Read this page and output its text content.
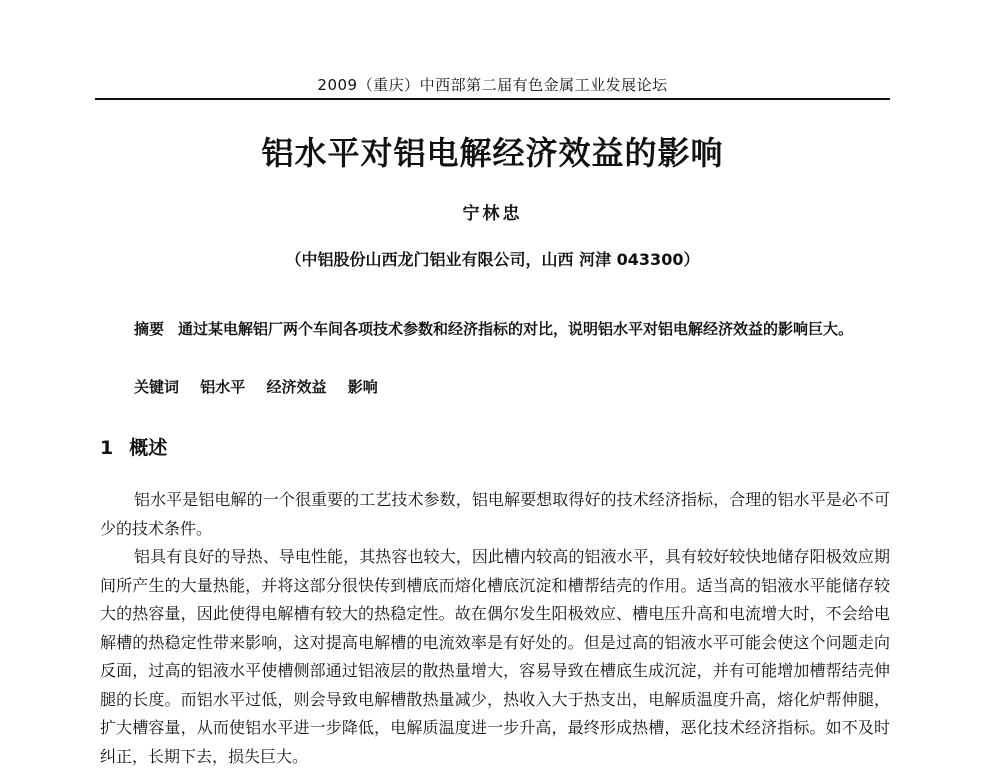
2009（重庆）中西部第二届有色金属工业发展论坛
铝水平对铝电解经济效益的影响
宁林忠
（中铝股份山西龙门铝业有限公司，山西 河津 043300）

摘要 通过某电解铝厂两个车间各项技术参数和经济指标的对比，说明铝水平对铝电解经济效益的影响巨大。

关键词 铝水平 经济效益 影响
1 概述

铝水平是铝电解的一个很重要的工艺技术参数，铝电解要想取得好的技术经济指标，合理的铝水平是必不可少的技术条件。

铝具有良好的导热、导电性能，其热容也较大，因此槽内较高的铝液水平，具有较好较快地储存阳极效应期间所产生的大量热能，并将这部分很快传到槽底而熔化槽底沉淀和槽帮结壳的作用。适当高的铝液水平能储存较大的热容量，因此使得电解槽有较大的热稳定性。故在偶尔发生阳极效应、槽电压升高和电流增大时，不会给电解槽的热稳定性带来影响，这对提高电解槽的电流效率是有好处的。但是过高的铝液水平可能会使这个问题走向反面，过高的铝液水平使槽侧部通过铝液层的散热量增大，容易导致在槽底生成沉淀，并有可能增加槽帮结壳伸腿的长度。而铝水平过低，则会导致电解槽散热量减少，热收入大于热支出，电解质温度升高，熔化炉帮伸腿，扩大槽容量，从而使铝水平进一步降低，电解质温度进一步升高，最终形成热槽，恶化技术经济指标。如不及时纠正，长期下去，损失巨大。
